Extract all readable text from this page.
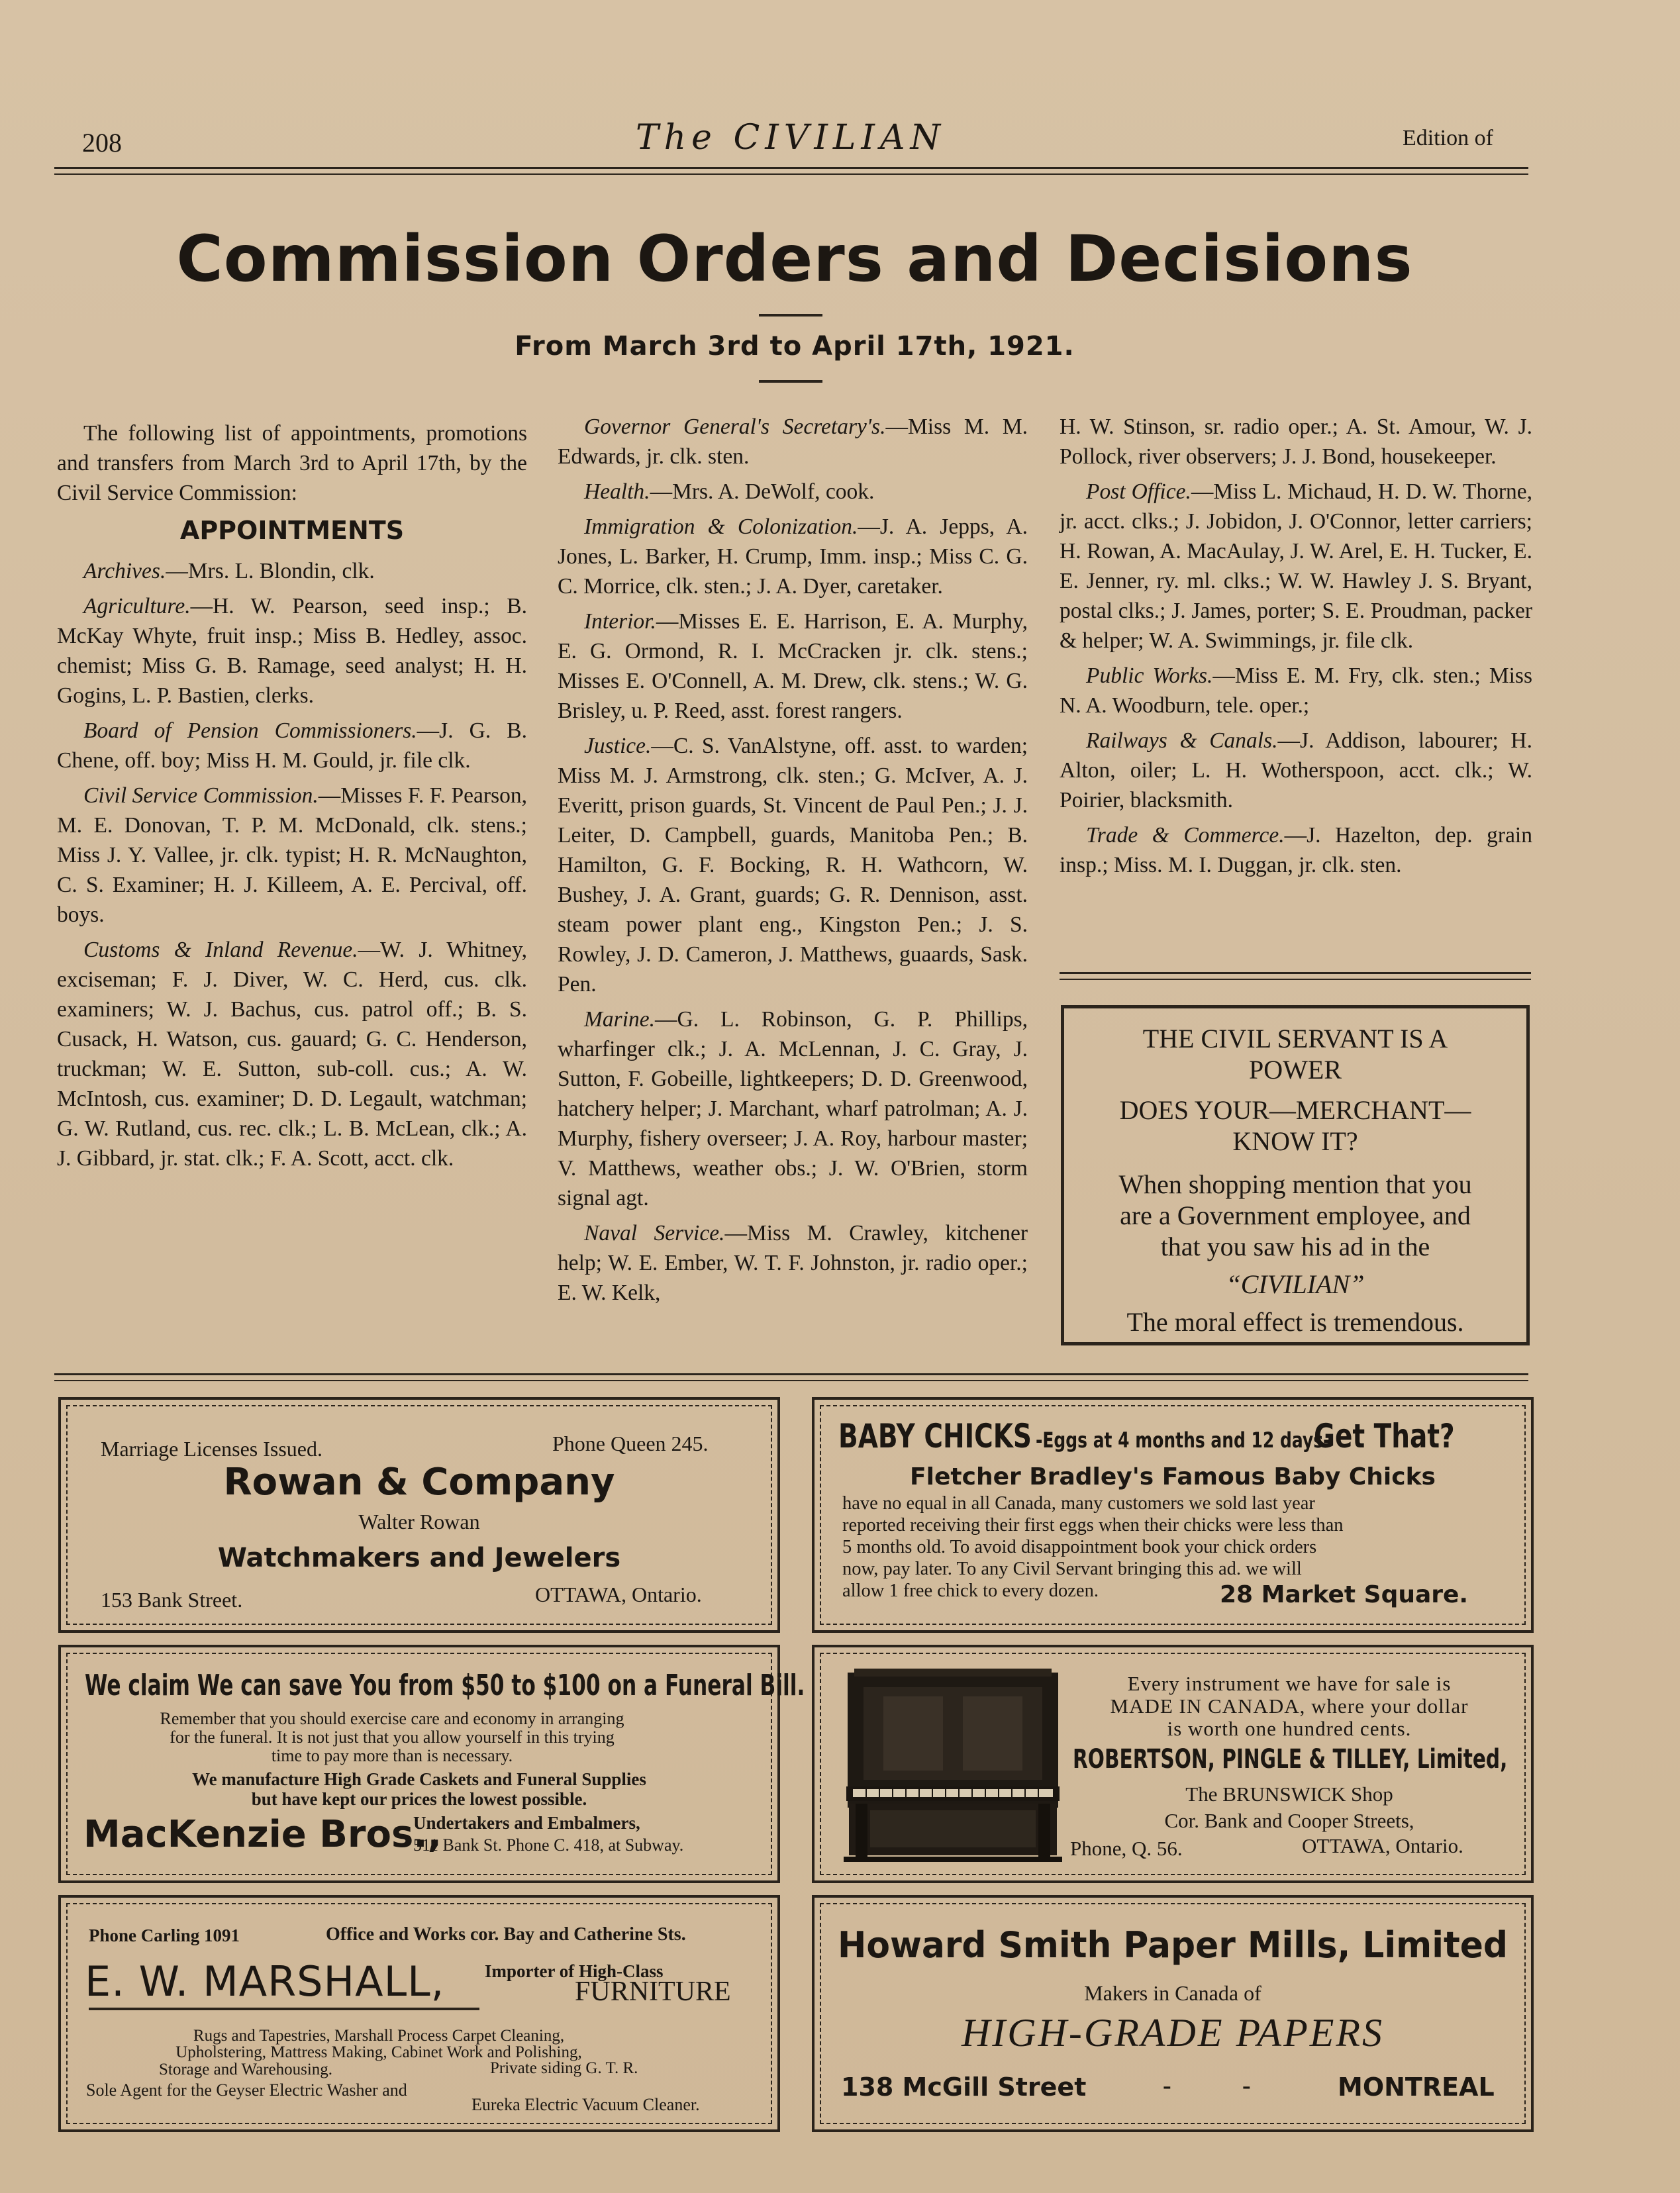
208	The CIVILIAN	Edition of
Commission Orders and Decisions
From March 3rd to April 17th, 1921.

The following list of appointments, promotions and transfers from March 3rd to April 17th, by the Civil Service Commission:

APPOINTMENTS

Archives.—Mrs. L. Blondin, clk.

Agriculture.—H. W. Pearson, seed insp.; B. McKay Whyte, fruit insp.; Miss B. Hedley, assoc. chemist; Miss G. B. Ramage, seed analyst; H. H. Gogins, L. P. Bastien, clerks.

Board of Pension Commissioners.—J. G. B. Chene, off. boy; Miss H. M. Gould, jr. file clk.

Civil Service Commission.—Misses F. F. Pearson, M. E. Donovan, T. P. M. McDonald, clk. stens.; Miss J. Y. Vallee, jr. clk. typist; H. R. McNaughton, C. S. Examiner; H. J. Killeem, A. E. Percival, off. boys.

Customs & Inland Revenue.—W. J. Whitney, exciseman; F. J. Diver, W. C. Herd, cus. clk. examiners; W. J. Bachus, cus. patrol off.; B. S. Cusack, H. Watson, cus. gauard; G. C. Henderson, truckman; W. E. Sutton, sub-coll. cus.; A. W. McIntosh, cus. examiner; D. D. Legault, watchman; G. W. Rutland, cus. rec. clk.; L. B. McLean, clk.; A. J. Gibbard, jr. stat. clk.; F. A. Scott, acct. clk.

Governor General's Secretary's.—Miss M. M. Edwards, jr. clk. sten.

Health.—Mrs. A. DeWolf, cook.

Immigration & Colonization.—J. A. Jepps, A. Jones, L. Barker, H. Crump, Imm. insp.; Miss C. G. C. Morrice, clk. sten.; J. A. Dyer, caretaker.

Interior.—Misses E. E. Harrison, E. A. Murphy, E. G. Ormond, R. I. McCracken jr. clk. stens.; Misses E. O'Connell, A. M. Drew, clk. stens.; W. G. Brisley, u. P. Reed, asst. forest rangers.

Justice.—C. S. VanAlstyne, off. asst. to warden; Miss M. J. Armstrong, clk. sten.; G. McIver, A. J. Everitt, prison guards, St. Vincent de Paul Pen.; J. J. Leiter, D. Campbell, guards, Manitoba Pen.; B. Hamilton, G. F. Bocking, R. H. Wathcorn, W. Bushey, J. A. Grant, guards; G. R. Dennison, asst. steam power plant eng., Kingston Pen.; J. S. Rowley, J. D. Cameron, J. Matthews, guaards, Sask. Pen.

Marine.—G. L. Robinson, G. P. Phillips, wharfinger clk.; J. A. McLennan, J. C. Gray, J. Sutton, F. Gobeille, lightkeepers; D. D. Greenwood, hatchery helper; J. Marchant, wharf patrolman; A. J. Murphy, fishery overseer; J. A. Roy, harbour master; V. Matthews, weather obs.; J. W. O'Brien, storm signal agt.

Naval Service.—Miss M. Crawley, kitchener help; W. E. Ember, W. T. F. Johnston, jr. radio oper.; E. W. Kelk,

H. W. Stinson, sr. radio oper.; A. St. Amour, W. J. Pollock, river observers; J. J. Bond, housekeeper.

Post Office.—Miss L. Michaud, H. D. W. Thorne, jr. acct. clks.; J. Jobidon, J. O'Connor, letter carriers; H. Rowan, A. MacAulay, J. W. Arel, E. H. Tucker, E. E. Jenner, ry. ml. clks.; W. W. Hawley J. S. Bryant, postal clks.; J. James, porter; S. E. Proudman, packer & helper; W. A. Swimmings, jr. file clk.

Public Works.—Miss E. M. Fry, clk. sten.; Miss N. A. Woodburn, tele. oper.;

Railways & Canals.—J. Addison, labourer; H. Alton, oiler; L. H. Wotherspoon, acct. clk.; W. Poirier, blacksmith.

Trade & Commerce.—J. Hazelton, dep. grain insp.; Miss. M. I. Duggan, jr. clk. sten.

THE CIVIL SERVANT IS A
POWER
DOES YOUR—MERCHANT—
KNOW IT?
When shopping mention that you
are a Government employee, and
that you saw his ad in the
“CIVILIAN”
The moral effect is tremendous.
Marriage Licenses Issued.	Phone Queen 245.
Rowan & Company
Walter Rowan
Watchmakers and Jewelers
153 Bank Street.	OTTAWA, Ontario.
BABY CHICKS -Eggs at 4 months and 12 days-Get That?
Fletcher Bradley's Famous Baby Chicks
have no equal in all Canada, many customers we sold last year
reported receiving their first eggs when their chicks were less than
5 months old. To avoid disappointment book your chick orders
now, pay later. To any Civil Servant bringing this ad. we will
allow 1 free chick to every dozen.	28 Market Square.
We claim We can save You from $50 to $100 on a Funeral Bill.
Remember that you should exercise care and economy in arranging
for the funeral. It is not just that you allow yourself in this trying
time to pay more than is necessary.
We manufacture High Grade Caskets and Funeral Supplies
but have kept our prices the lowest possible.
MacKenzie Bros.,
Undertakers and Embalmers,
511 Bank St. Phone C. 418, at Subway.
Every instrument we have for sale is
MADE IN CANADA, where your dollar
is worth one hundred cents.
ROBERTSON, PINGLE & TILLEY, Limited,
The BRUNSWICK Shop
Cor. Bank and Cooper Streets,
Phone, Q. 56.	OTTAWA, Ontario.
Phone Carling 1091	Office and Works cor. Bay and Catherine Sts.
E. W. MARSHALL, Importer of High-Class
FURNITURE
Rugs and Tapestries, Marshall Process Carpet Cleaning,
Upholstering, Mattress Making, Cabinet Work and Polishing,
Storage and Warehousing.	Private siding G. T. R.
Sole Agent for the Geyser Electric Washer and
Eureka Electric Vacuum Cleaner.
Howard Smith Paper Mills, Limited
Makers in Canada of
HIGH-GRADE PAPERS
138 McGill Street	-	-	MONTREAL
